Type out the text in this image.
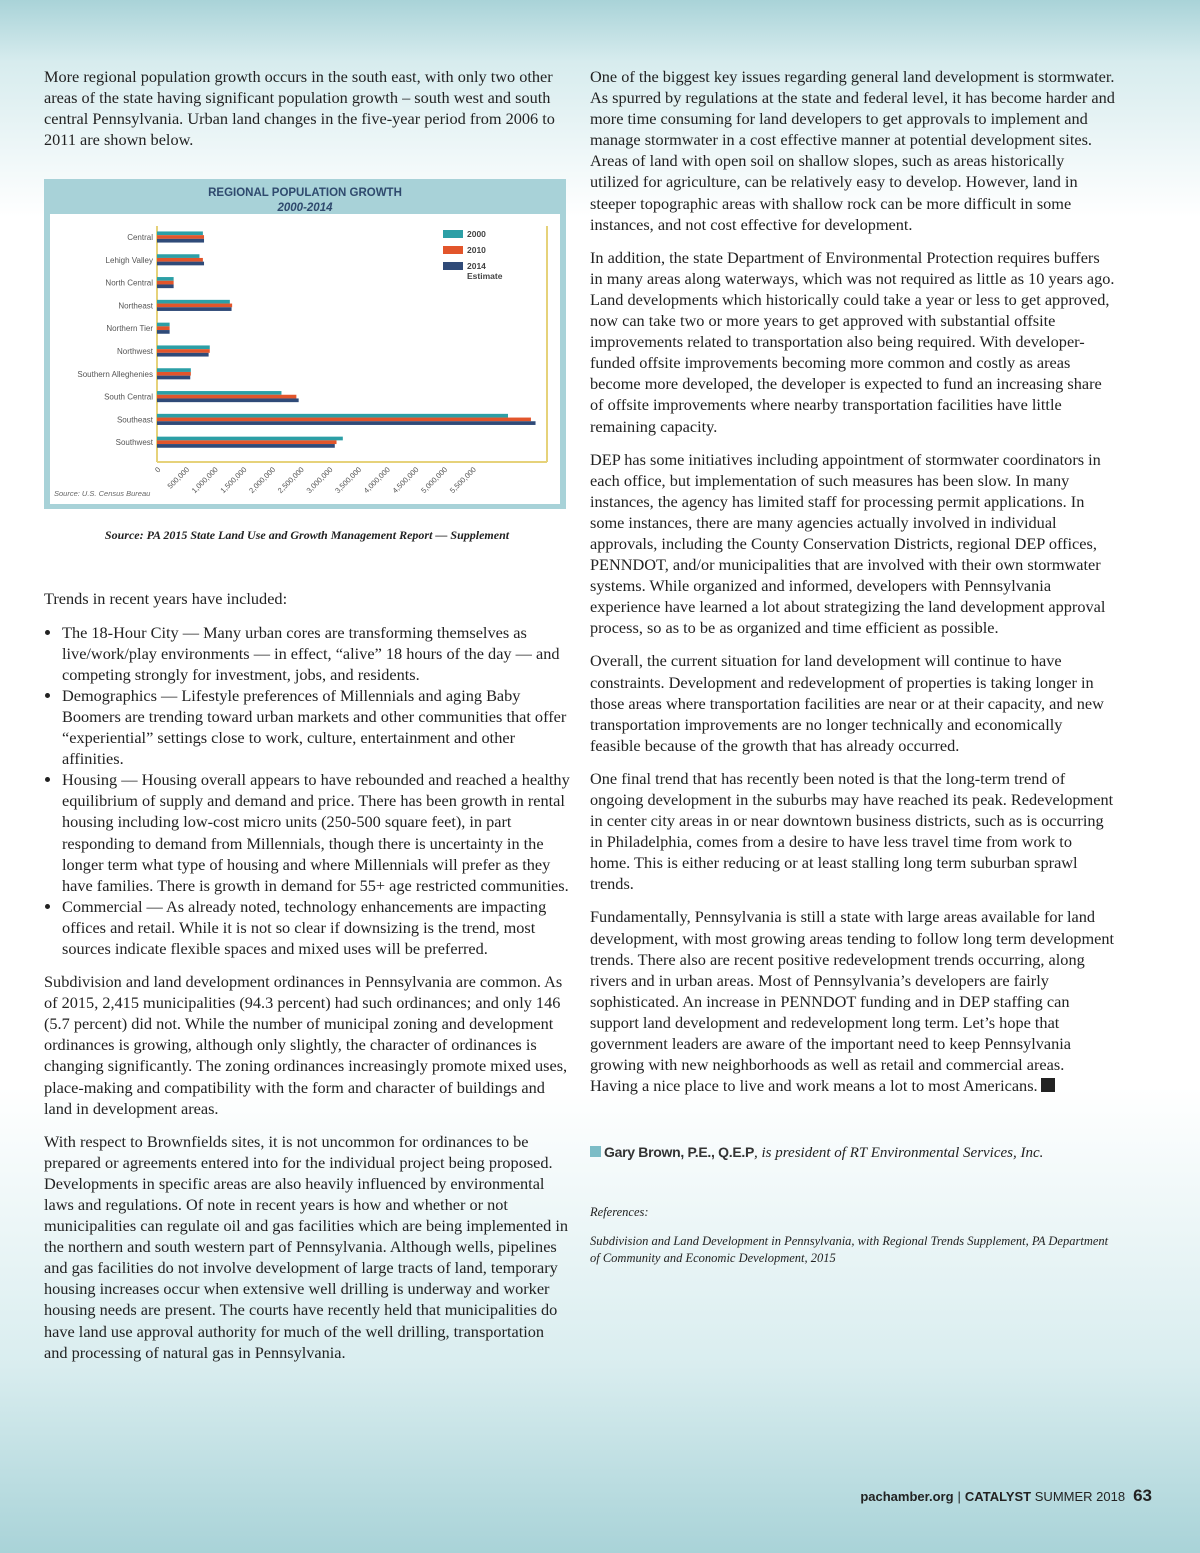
More regional population growth occurs in the south east, with only two other areas of the state having significant population growth – south west and south central Pennsylvania. Urban land changes in the five-year period from 2006 to 2011 are shown below.

REGIONAL POPULATION GROWTH
2000-2014
Central
Lehigh Valley
North Central
Northeast
Northern Tier
Northwest
Southern Alleghenies
South Central
Southeast
Southwest
0 500,000
1,000,000
1,500,000
2,000,000
2,500,000
3,000,000
3,500,000
4,000,000
4,500,000
5,000,000
5,500,000
Source: U.S. Census Bureau
2000
2010
2014
Estimate
Source: PA 2015 State Land Use and Growth Management Report — Supplement

Trends in recent years have included:

• The 18-Hour City — Many urban cores are transforming themselves as live/work/play environments — in effect, “alive” 18 hours of the day — and competing strongly for investment, jobs, and residents.
• Demographics — Lifestyle preferences of Millennials and aging Baby Boomers are trending toward urban markets and other communities that offer “experiential” settings close to work, culture, entertainment and other affinities.
• Housing — Housing overall appears to have rebounded and reached a healthy equilibrium of supply and demand and price. There has been growth in rental housing including low-cost micro units (250-500 square feet), in part responding to demand from Millennials, though there is uncertainty in the longer term what type of housing and where Millennials will prefer as they have families. There is growth in demand for 55+ age restricted communities.
• Commercial — As already noted, technology enhancements are impacting offices and retail. While it is not so clear if downsizing is the trend, most sources indicate flexible spaces and mixed uses will be preferred.

Subdivision and land development ordinances in Pennsylvania are common. As of 2015, 2,415 municipalities (94.3 percent) had such ordinances; and only 146 (5.7 percent) did not. While the number of municipal zoning and development ordinances is growing, although only slightly, the character of ordinances is changing significantly. The zoning ordinances increasingly promote mixed uses, place-making and compatibility with the form and character of buildings and land in development areas.

With respect to Brownfields sites, it is not uncommon for ordinances to be prepared or agreements entered into for the individual project being proposed. Developments in specific areas are also heavily influenced by environmental laws and regulations. Of note in recent years is how and whether or not municipalities can regulate oil and gas facilities which are being implemented in the northern and south western part of Pennsylvania. Although wells, pipelines and gas facilities do not involve development of large tracts of land, temporary housing increases occur when extensive well drilling is underway and worker housing needs are present. The courts have recently held that municipalities do have land use approval authority for much of the well drilling, transportation and processing of natural gas in Pennsylvania.

One of the biggest key issues regarding general land development is stormwater. As spurred by regulations at the state and federal level, it has become harder and more time consuming for land developers to get approvals to implement and manage stormwater in a cost effective manner at potential development sites. Areas of land with open soil on shallow slopes, such as areas historically utilized for agriculture, can be relatively easy to develop. However, land in steeper topographic areas with shallow rock can be more difficult in some instances, and not cost effective for development.

In addition, the state Department of Environmental Protection requires buffers in many areas along waterways, which was not required as little as 10 years ago. Land developments which historically could take a year or less to get approved, now can take two or more years to get approved with substantial offsite improvements related to transportation also being required. With developer-funded offsite improvements becoming more common and costly as areas become more developed, the developer is expected to fund an increasing share of offsite improvements where nearby transportation facilities have little remaining capacity.

DEP has some initiatives including appointment of stormwater coordinators in each office, but implementation of such measures has been slow. In many instances, the agency has limited staff for processing permit applications. In some instances, there are many agencies actually involved in individual approvals, including the County Conservation Districts, regional DEP offices, PENNDOT, and/or municipalities that are involved with their own stormwater systems. While organized and informed, developers with Pennsylvania experience have learned a lot about strategizing the land development approval process, so as to be as organized and time efficient as possible.

Overall, the current situation for land development will continue to have constraints. Development and redevelopment of properties is taking longer in those areas where transportation facilities are near or at their capacity, and new transportation improvements are no longer technically and economically feasible because of the growth that has already occurred.

One final trend that has recently been noted is that the long-term trend of ongoing development in the suburbs may have reached its peak. Redevelopment in center city areas in or near downtown business districts, such as is occurring in Philadelphia, comes from a desire to have less travel time from work to home. This is either reducing or at least stalling long term suburban sprawl trends.

Fundamentally, Pennsylvania is still a state with large areas available for land development, with most growing areas tending to follow long term development trends. There also are recent positive redevelopment trends occurring, along rivers and in urban areas. Most of Pennsylvania’s developers are fairly sophisticated. An increase in PENNDOT funding and in DEP staffing can support land development and redevelopment long term. Let’s hope that government leaders are aware of the important need to keep Pennsylvania growing with new neighborhoods as well as retail and commercial areas. Having a nice place to live and work means a lot to most Americans.

Gary Brown, P.E., Q.E.P, is president of RT Environmental Services, Inc.

References:

Subdivision and Land Development in Pennsylvania, with Regional Trends Supplement, PA Department of Community and Economic Development, 2015

pachamber.org | CATALYST SUMMER 2018 63
